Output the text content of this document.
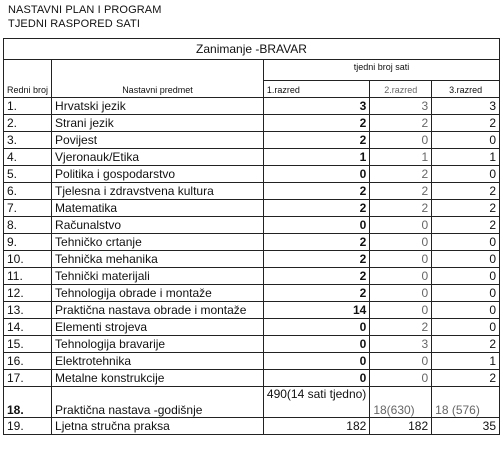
NASTAVNI PLAN I PROGRAM
TJEDNI RASPORED SATI
Zanimanje -BRAVAR				
Redni broj	Nastavni predmet	tjedni broj sati		
		1.razred	2.razred	3.razred
1.	Hrvatski jezik	3	3	3
2.	Strani jezik	2	2	2
3.	Povijest	2	0	0
4.	Vjeronauk/Etika	1	1	1
5.	Politika i gospodarstvo	0	2	0
6.	Tjelesna i zdravstvena kultura	2	2	2
7.	Matematika	2	2	2
8.	Računalstvo	0	0	2
9.	Tehničko crtanje	2	0	0
10.	Tehnička mehanika	2	0	0
11.	Tehnički materijali	2	0	0
12.	Tehnologija obrade i montaže	2	0	0
13.	Praktična nastava obrade i montaže	14	0	0
14.	Elementi strojeva	0	2	0
15.	Tehnologija bravarije	0	3	2
16.	Elektrotehnika	0	0	1
17.	Metalne konstrukcije	0	0	2
18.	Praktična nastava -godišnje	490(14 sati tjedno)	18(630)	18 (576)
19.	Ljetna stručna praksa	182	182	35
